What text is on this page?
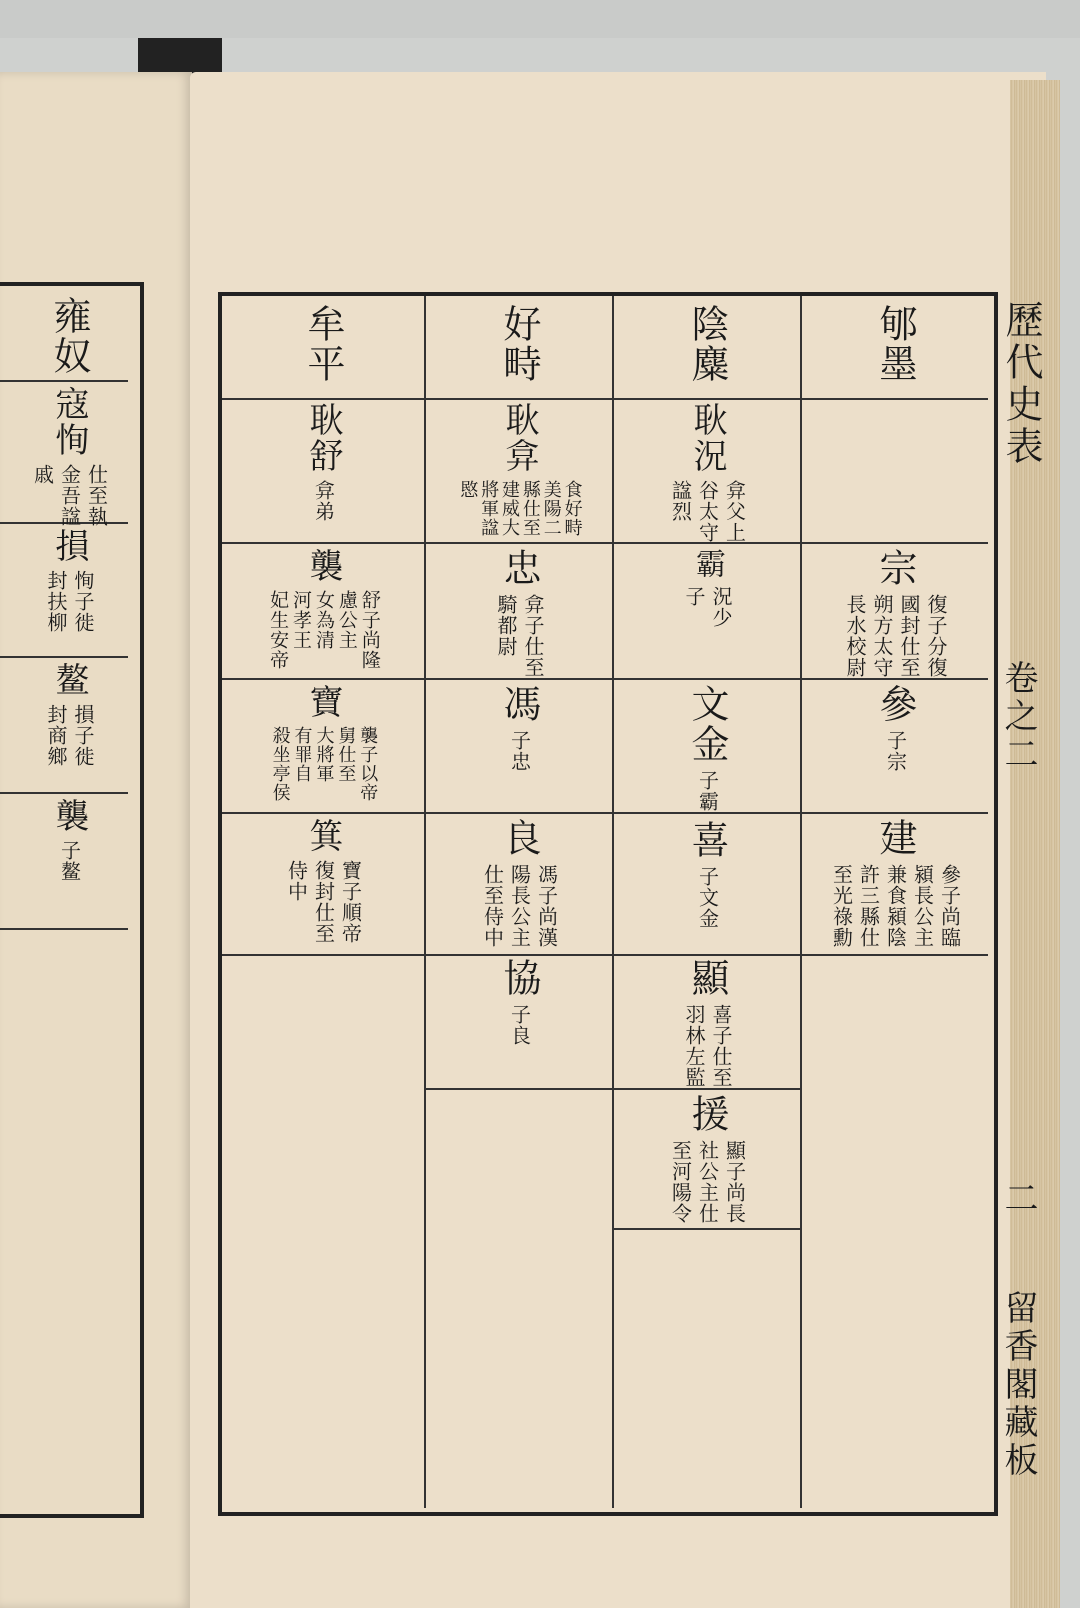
雍奴
寇恂
仕至執
金吾諡
戚
損
恂子徙
封扶柳
鳌
損子徙
封商鄉
襲
子鳌
郇墨
宗
復子分復
國封仕至
朔方太守
長水校尉
參
子宗
建
參子尚臨
潁長公主
兼食潁陰
許三縣仕
至光祿勳
陰麋
耿況
弇父上
谷太守
諡烈
霸
況少
子
文金
子霸
喜
子文金
顯
喜子仕至
羽林左監
援
顯子尚長
社公主仕
至河陽令
好畤
耿弇
食好畤
美陽二
縣仕至
建威大
將軍諡
愍
忠
弇子仕至
騎都尉
馮
子忠
良
馮子尚漢
陽長公主
仕至侍中
協
子良
牟平
耿舒
弇弟
襲
舒子尚隆
慮公主
女為清
河孝王
妃生安帝
寶
襲子以帝
舅仕至
大將軍
有罪自
殺坐亭侯
箕
寶子順帝
復封仕至
侍中
歷代史表
卷之二
二
留香閣藏板
